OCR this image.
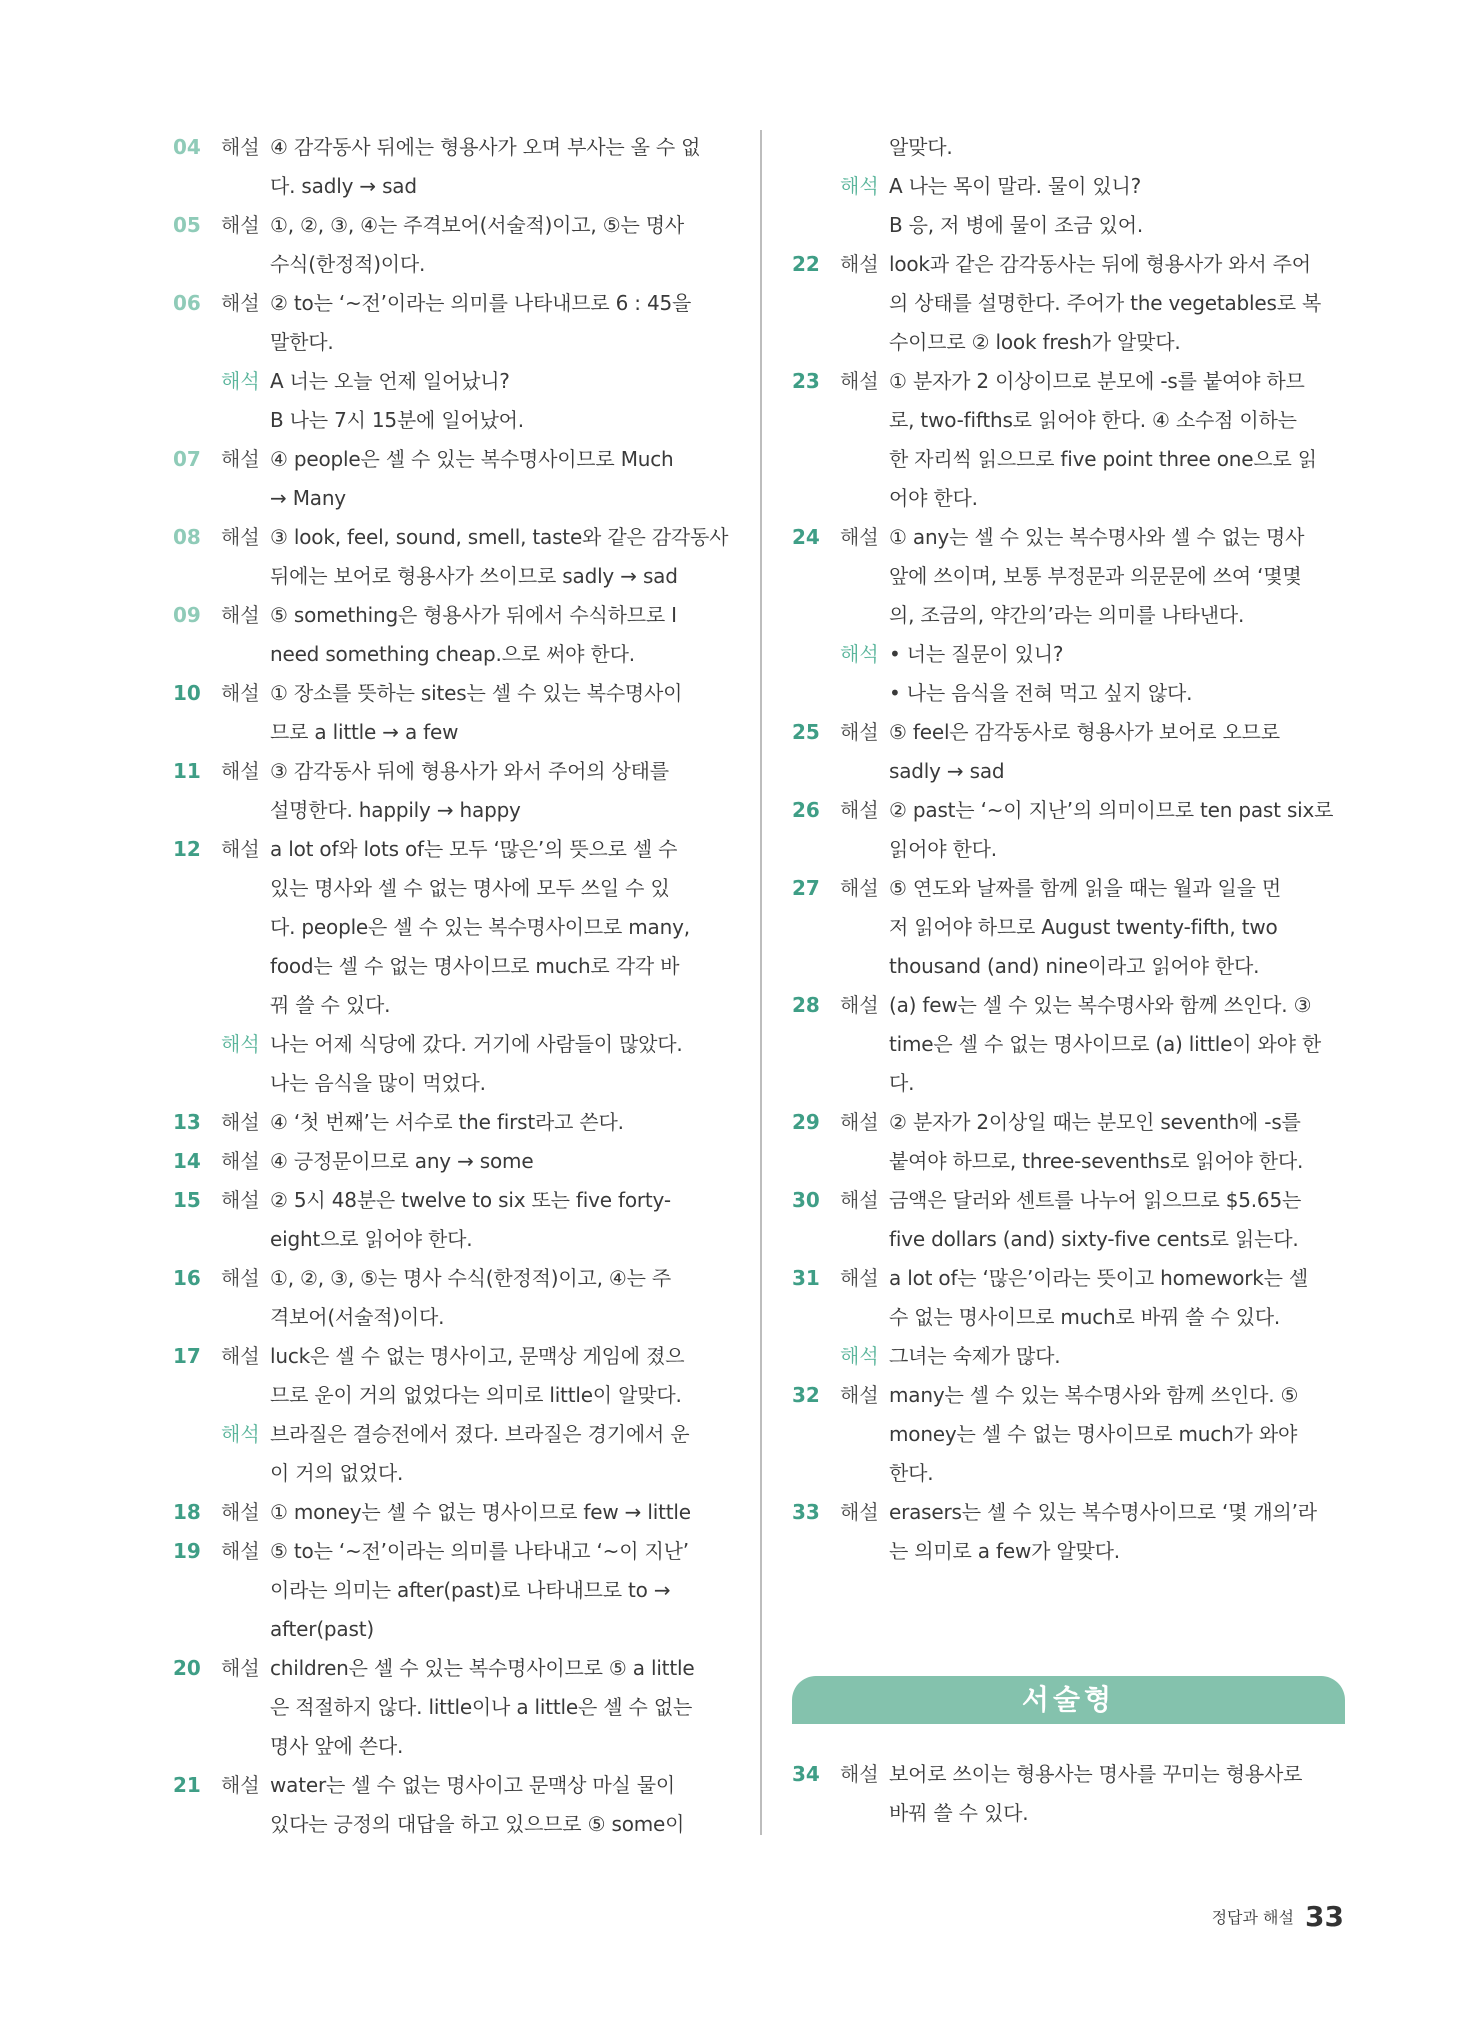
04	해설 ④ 감각동사 뒤에는 형용사가 오며 부사는 올 수 없
다. sadly → sad
05	해설 ①, ②, ③, ④는 주격보어(서술적)이고, ⑤는 명사
수식(한정적)이다.
06	해설 ② to는 ‘~전’이라는 의미를 나타내므로 6 : 45을
말한다.
해석 A 너는 오늘 언제 일어났니?
B 나는 7시 15분에 일어났어.
07	해설 ④ people은 셀 수 있는 복수명사이므로 Much
→ Many
08	해설 ③ look, feel, sound, smell, taste와 같은 감각동사
뒤에는 보어로 형용사가 쓰이므로 sadly → sad
09	해설 ⑤ something은 형용사가 뒤에서 수식하므로 I
need something cheap.으로 써야 한다.
10	해설 ① 장소를 뜻하는 sites는 셀 수 있는 복수명사이
므로 a little → a few
11	해설 ③ 감각동사 뒤에 형용사가 와서 주어의 상태를
설명한다. happily → happy
12	해설 a lot of와 lots of는 모두 ‘많은’의 뜻으로 셀 수
있는 명사와 셀 수 없는 명사에 모두 쓰일 수 있
다. people은 셀 수 있는 복수명사이므로 many,
food는 셀 수 없는 명사이므로 much로 각각 바
꿔 쓸 수 있다.
해석 나는 어제 식당에 갔다. 거기에 사람들이 많았다.
나는 음식을 많이 먹었다.
13	해설 ④ ‘첫 번째’는 서수로 the first라고 쓴다.
14	해설 ④ 긍정문이므로 any → some
15	해설 ② 5시 48분은 twelve to six 또는 five forty-
eight으로 읽어야 한다.
16	해설 ①, ②, ③, ⑤는 명사 수식(한정적)이고, ④는 주
격보어(서술적)이다.
17	해설 luck은 셀 수 없는 명사이고, 문맥상 게임에 졌으
므로 운이 거의 없었다는 의미로 little이 알맞다.
해석 브라질은 결승전에서 졌다. 브라질은 경기에서 운
이 거의 없었다.
18	해설 ① money는 셀 수 없는 명사이므로 few → little
19	해설 ⑤ to는 ‘~전’이라는 의미를 나타내고 ‘~이 지난’
이라는 의미는 after(past)로 나타내므로 to →
after(past)
20	해설 children은 셀 수 있는 복수명사이므로 ⑤ a little
은 적절하지 않다. little이나 a little은 셀 수 없는
명사 앞에 쓴다.
21	해설 water는 셀 수 없는 명사이고 문맥상 마실 물이
있다는 긍정의 대답을 하고 있으므로 ⑤ some이
알맞다.
해석 A 나는 목이 말라. 물이 있니?
B 응, 저 병에 물이 조금 있어.
22	해설 look과 같은 감각동사는 뒤에 형용사가 와서 주어
의 상태를 설명한다. 주어가 the vegetables로 복
수이므로 ② look fresh가 알맞다.
23	해설 ① 분자가 2 이상이므로 분모에 -s를 붙여야 하므
로, two-fifths로 읽어야 한다. ④ 소수점 이하는
한 자리씩 읽으므로 five point three one으로 읽
어야 한다.
24	해설 ① any는 셀 수 있는 복수명사와 셀 수 없는 명사
앞에 쓰이며, 보통 부정문과 의문문에 쓰여 ‘몇몇
의, 조금의, 약간의’라는 의미를 나타낸다.
해석 • 너는 질문이 있니?
• 나는 음식을 전혀 먹고 싶지 않다.
25	해설 ⑤ feel은 감각동사로 형용사가 보어로 오므로
sadly → sad
26	해설 ② past는 ‘~이 지난’의 의미이므로 ten past six로
읽어야 한다.
27	해설 ⑤ 연도와 날짜를 함께 읽을 때는 월과 일을 먼
저 읽어야 하므로 August twenty-fifth, two
thousand (and) nine이라고 읽어야 한다.
28	해설 (a) few는 셀 수 있는 복수명사와 함께 쓰인다. ③
time은 셀 수 없는 명사이므로 (a) little이 와야 한
다.
29	해설 ② 분자가 2이상일 때는 분모인 seventh에 -s를
붙여야 하므로, three-sevenths로 읽어야 한다.
30	해설 금액은 달러와 센트를 나누어 읽으므로 $5.65는
five dollars (and) sixty-five cents로 읽는다.
31	해설 a lot of는 ‘많은’이라는 뜻이고 homework는 셀
수 없는 명사이므로 much로 바꿔 쓸 수 있다.
해석 그녀는 숙제가 많다.
32	해설 many는 셀 수 있는 복수명사와 함께 쓰인다. ⑤
money는 셀 수 없는 명사이므로 much가 와야
한다.
33	해설 erasers는 셀 수 있는 복수명사이므로 ‘몇 개의’라
는 의미로 a few가 알맞다.
서술형
34	해설 보어로 쓰이는 형용사는 명사를 꾸미는 형용사로
바꿔 쓸 수 있다.
정답과 해설 33
